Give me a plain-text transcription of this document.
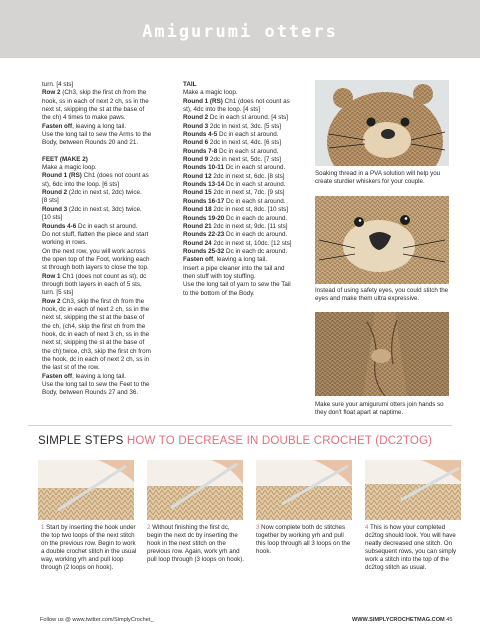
Amigurumi otters

turn. [4 sts]

Row 2 (Ch3, skip the first ch from the

hook, ss in each of next 2 ch, ss in the

next st, skipping the st at the base of

the ch) 4 times to make paws.

Fasten off, leaving a long tail.

Use the long tail to sew the Arms to the

Body, between Rounds 20 and 21.

FEET (MAKE 2)

Make a magic loop.

Round 1 (RS) Ch1 (does not count as

st), 6dc into the loop. [6 sts]

Round 2 (2dc in next st, 2dc) twice.

[8 sts]

Round 3 (2dc in next st, 3dc) twice.

[10 sts]

Rounds 4-6 Dc in each st around.

Do not stuff, flatten the piece and start

working in rows.

On the next row, you will work across

the open top of the Foot, working each

st through both layers to close the top.

Row 1 Ch1 (does not count as st), dc

through both layers in each of 5 sts,

turn. [5 sts]

Row 2 Ch3, skip the first ch from the

hook, dc in each of next 2 ch, ss in the

next st, skipping the st at the base of

the ch, (ch4, skip the first ch from the

hook, dc in each of next 3 ch, ss in the

next st, skipping the st at the base of

the ch) twice, ch3, skip the first ch from

the hook, dc in each of next 2 ch, ss in

the last st of the row.

Fasten off, leaving a long tail.

Use the long tail to sew the Feet to the

Body, between Rounds 27 and 36.

TAIL

Make a magic loop.

Round 1 (RS) Ch1 (does not count as

st), 4dc into the loop. [4 sts]

Round 2 Dc in each st around. [4 sts]

Round 3 2dc in next st, 3dc. [5 sts]

Rounds 4-5 Dc in each st around.

Round 6 2dc in next st, 4dc. [6 sts]

Rounds 7-8 Dc in each st around.

Round 9 2dc in next st, 5dc. [7 sts]

Rounds 10-11 Dc in each st around.

Round 12 2dc in next st, 6dc. [8 sts]

Rounds 13-14 Dc in each st around.

Round 15 2dc in next st, 7dc. [9 sts]

Rounds 16-17 Dc in each st around.

Round 18 2dc in next st, 8dc. [10 sts]

Rounds 19-20 Dc in each dc around.

Round 21 2dc in next st, 9dc. [11 sts]

Rounds 22-23 Dc in each dc around.

Round 24 2dc in next st, 10dc. [12 sts]

Rounds 25-32 Dc in each dc around.

Fasten off, leaving a long tail.

Insert a pipe cleaner into the tail and

then stuff with toy stuffing.

Use the long tail of yarn to sew the Tail

to the bottom of the Body.

Soaking thread in a PVA solution will help you create sturdier whiskers for your couple.
Instead of using safety eyes, you could stitch the eyes and make them ultra expressive.
Make sure your amigurumi otters join hands so they don't float apart at naptime.
SIMPLE STEPS HOW TO DECREASE IN DOUBLE CROCHET (DC2TOG)
1 Start by inserting the hook under the top two loops of the next stitch on the previous row. Begin to work a double crochet stitch in the usual way, working yrh and pull loop through (2 loops on hook).
2 Without finishing the first dc, begin the next dc by inserting the hook in the next stitch on the previous row. Again, work yrh and pull loop through (3 loops on hook).
3 Now complete both dc stitches together by working yrh and pull this loop through all 3 loops on the hook.
4 This is how your completed dc2tog should look. You will have neatly decreased one stitch. On subsequent rows, you can simply work a stitch into the top of the dc2tog stitch as usual.
Follow us @ www.twitter.com/SimplyCrochet_	WWW.SIMPLYCROCHETMAG.COM 45
